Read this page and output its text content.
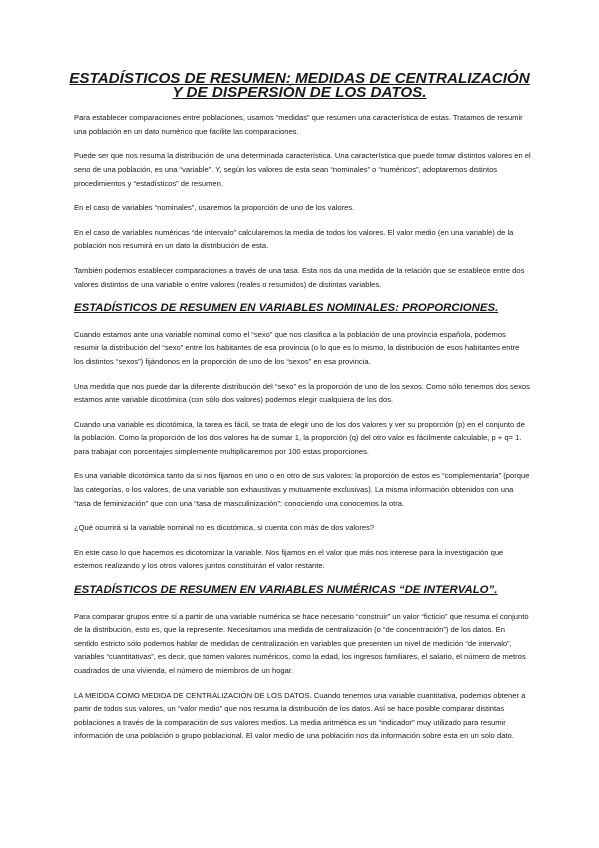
ESTADÍSTICOS DE RESUMEN: MEDIDAS DE CENTRALIZACIÓN Y DE DISPERSIÓN DE LOS DATOS.

Para establecer comparaciones entre poblaciones, usamos “medidas” que resumen una característica de estas. Tratamos de resumir una población en un dato numérico que facilite las comparaciones.

Puede ser que nos resuma la distribución de una determinada característica. Una característica que puede tomar distintos valores en el seno de una población, es una “variable”. Y, según los valores de esta sean “nominales” o “numéricos”, adoptaremos distintos procedimientos y “estadísticos” de resumen.

En el caso de variables “nominales”, usaremos la proporción de uno de los valores.

En el caso de variables numéricas “de intervalo” calcularemos la media de todos los valores. El valor medio (en una variable) de la población nos resumirá en un dato la distribución de esta.

También podemos establecer comparaciones a través de una tasa. Esta nos da una medida de la relación que se establece entre dos valores distintos de una variable o entre valores (reales o resumidos) de distintas variables.

ESTADÍSTICOS DE RESUMEN EN VARIABLES NOMINALES: PROPORCIONES.

Cuando estamos ante una variable nominal como el “sexo” que nos clasifica a la población de una provincia española, podemos resumir la distribución del “sexo” entre los habitantes de esa provincia (o lo que es lo mismo, la distribución de esos habitantes entre los distintos “sexos”) fijándonos en la proporción de uno de los “sexos” en esa provincia.

Una medida que nos puede dar la diferente distribución del “sexo” es la proporción de uno de los sexos. Como sólo tenemos dos sexos estamos ante variable dicotómica (con sólo dos valores) podemos elegir cualquiera de los dos.

Cuando una variable es dicotómica, la tarea es fácil, se trata de elegir uno de los dos valores y ver su proporción (p) en el conjunto de la población. Como la proporción de los dos valores ha de sumar 1, la proporción (q) del otro valor es fácilmente calculable, p + q= 1. para trabajar con porcentajes simplemente multiplicaremos por 100 estas proporciones.

Es una variable dicotómica tanto da si nos fijamos en uno o en otro de sus valores: la proporción de estos es “complementaria” (porque las categorías, o los valores, de una variable son exhaustivas y mutuamente exclusivas). La misma información obtenidos con una “tasa de feminización” que con una “tasa de masculinización”: conociendo una conocemos la otra.

¿Qué ocurrirá si la variable nominal no es dicotómica, si cuenta con más de dos valores?

En este caso lo que hacemos es dicotomizar la variable. Nos fijamos en el valor que más nos interese para la investigación que estemos realizando y los otros valores juntos constituirán el valor restante.

ESTADÍSTICOS DE RESUMEN EN VARIABLES NUMÉRICAS “DE INTERVALO”.

Para comparar grupos entre sí a partir de una variable numérica se hace necesario “construir” un valor “ficticio” que resuma el conjunto de la distribución, esto es, que la represente. Necesitamos una medida de centralización (o “de concentración”) de los datos. En sentido estricto sólo podemos hablar de medidas de centralización en variables que presenten un nivel de medición “de intervalo”, variables “cuantitativas”, es decir, que tomen valores numéricos, como la edad, los ingresos familiares, el salario, el número de metros cuadrados de una vivienda, el número de miembros de un hogar.

LA MEIDDA COMO MEDIDA DE CENTRALIZACIÓN DE LOS DATOS. Cuando tenemos una variable cuantitativa, podemos obtener a partir de todos sus valores, un “valor medio” que nos resuma la distribución de los datos. Así se hace posible comparar distintas poblaciones a través de la comparación de sus valores medios. La media aritmética es un “indicador” muy utilizado para resumir información de una población o grupo poblacional. El valor medio de una población nos da información sobre esta en un solo dato.
